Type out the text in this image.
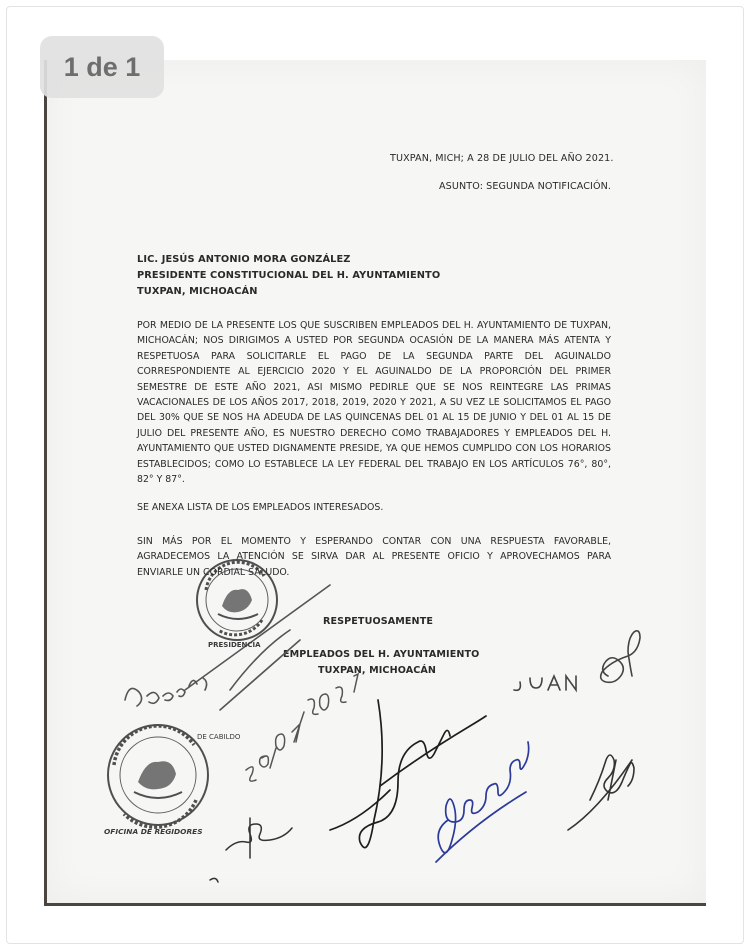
1 de 1
TUXPAN, MICH; A 28 DE JULIO DEL AÑO 2021.
ASUNTO: SEGUNDA NOTIFICACIÓN.
LIC. JESÚS ANTONIO MORA GONZÁLEZ
PRESIDENTE CONSTITUCIONAL DEL H. AYUNTAMIENTO
TUXPAN, MICHOACÁN

POR MEDIO DE LA PRESENTE LOS QUE SUSCRIBEN EMPLEADOS DEL H. AYUNTAMIENTO DE TUXPAN, MICHOACÁN; NOS DIRIGIMOS A USTED POR SEGUNDA OCASIÓN DE LA MANERA MÁS ATENTA Y RESPETUOSA PARA SOLICITARLE EL PAGO DE LA SEGUNDA PARTE DEL AGUINALDO CORRESPONDIENTE AL EJERCICIO 2020 Y EL AGUINALDO DE LA PROPORCIÓN DEL PRIMER SEMESTRE DE ESTE AÑO 2021, ASI MISMO PEDIRLE QUE SE NOS REINTEGRE LAS PRIMAS VACACIONALES DE LOS AÑOS 2017, 2018, 2019, 2020 Y 2021, A SU VEZ LE SOLICITAMOS EL PAGO DEL 30% QUE SE NOS HA ADEUDA DE LAS QUINCENAS DEL 01 AL 15 DE JUNIO Y DEL 01 AL 15 DE JULIO DEL PRESENTE AÑO, ES NUESTRO DERECHO COMO TRABAJADORES Y EMPLEADOS DEL H. AYUNTAMIENTO QUE USTED DIGNAMENTE PRESIDE, YA QUE HEMOS CUMPLIDO CON LOS HORARIOS ESTABLECIDOS; COMO LO ESTABLECE LA LEY FEDERAL DEL TRABAJO EN LOS ARTÍCULOS 76°, 80°, 82° Y 87°.

SE ANEXA LISTA DE LOS EMPLEADOS INTERESADOS.

SIN MÁS POR EL MOMENTO Y ESPERANDO CONTAR CON UNA RESPUESTA FAVORABLE, AGRADECEMOS LA ATENCIÓN SE SIRVA DAR AL PRESENTE OFICIO Y APROVECHAMOS PARA ENVIARLE UN CORDIAL SALUDO.

RESPETUOSAMENTE
EMPLEADOS DEL H. AYUNTAMIENTO
TUXPAN, MICHOACÁN
PRESIDENCIA
DE CABILDO
OFICINA DE REGIDORES
